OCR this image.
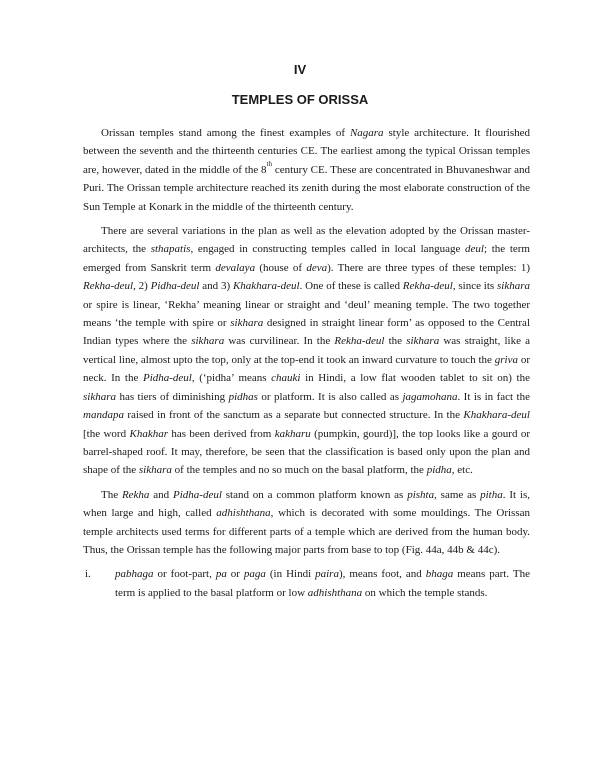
IV
TEMPLES OF ORISSA

Orissan temples stand among the finest examples of Nagara style architecture. It flourished between the seventh and the thirteenth centuries CE. The earliest among the typical Orissan temples are, however, dated in the middle of the 8th century CE. These are concentrated in Bhuvaneshwar and Puri. The Orissan temple architecture reached its zenith during the most elaborate construction of the Sun Temple at Konark in the middle of the thirteenth century.

There are several variations in the plan as well as the elevation adopted by the Orissan master-architects, the sthapatis, engaged in constructing temples called in local language deul; the term emerged from Sanskrit term devalaya (house of deva). There are three types of these temples: 1) Rekha-deul, 2) Pidha-deul and 3) Khakhara-deul. One of these is called Rekha-deul, since its sikhara or spire is linear, ‘Rekha’ meaning linear or straight and ‘deul’ meaning temple. The two together means ‘the temple with spire or sikhara designed in straight linear form’ as opposed to the Central Indian types where the sikhara was curvilinear. In the Rekha-deul the sikhara was straight, like a vertical line, almost upto the top, only at the top-end it took an inward curvature to touch the griva or neck. In the Pidha-deul, (‘pidha’ means chauki in Hindi, a low flat wooden tablet to sit on) the sikhara has tiers of diminishing pidhas or platform. It is also called as jagamohana. It is in fact the mandapa raised in front of the sanctum as a separate but connected structure. In the Khakhara-deul [the word Khakhar has been derived from kakharu (pumpkin, gourd)], the top looks like a gourd or barrel-shaped roof. It may, therefore, be seen that the classification is based only upon the plan and shape of the sikhara of the temples and no so much on the basal platform, the pidha, etc.

The Rekha and Pidha-deul stand on a common platform known as pishta, same as pitha. It is, when large and high, called adhishthana, which is decorated with some mouldings. The Orissan temple architects used terms for different parts of a temple which are derived from the human body. Thus, the Orissan temple has the following major parts from base to top (Fig. 44a, 44b & 44c).

i.	pabhaga or foot-part, pa or paga (in Hindi paira), means foot, and bhaga means part. The term is applied to the basal platform or low adhishthana on which the temple stands.
